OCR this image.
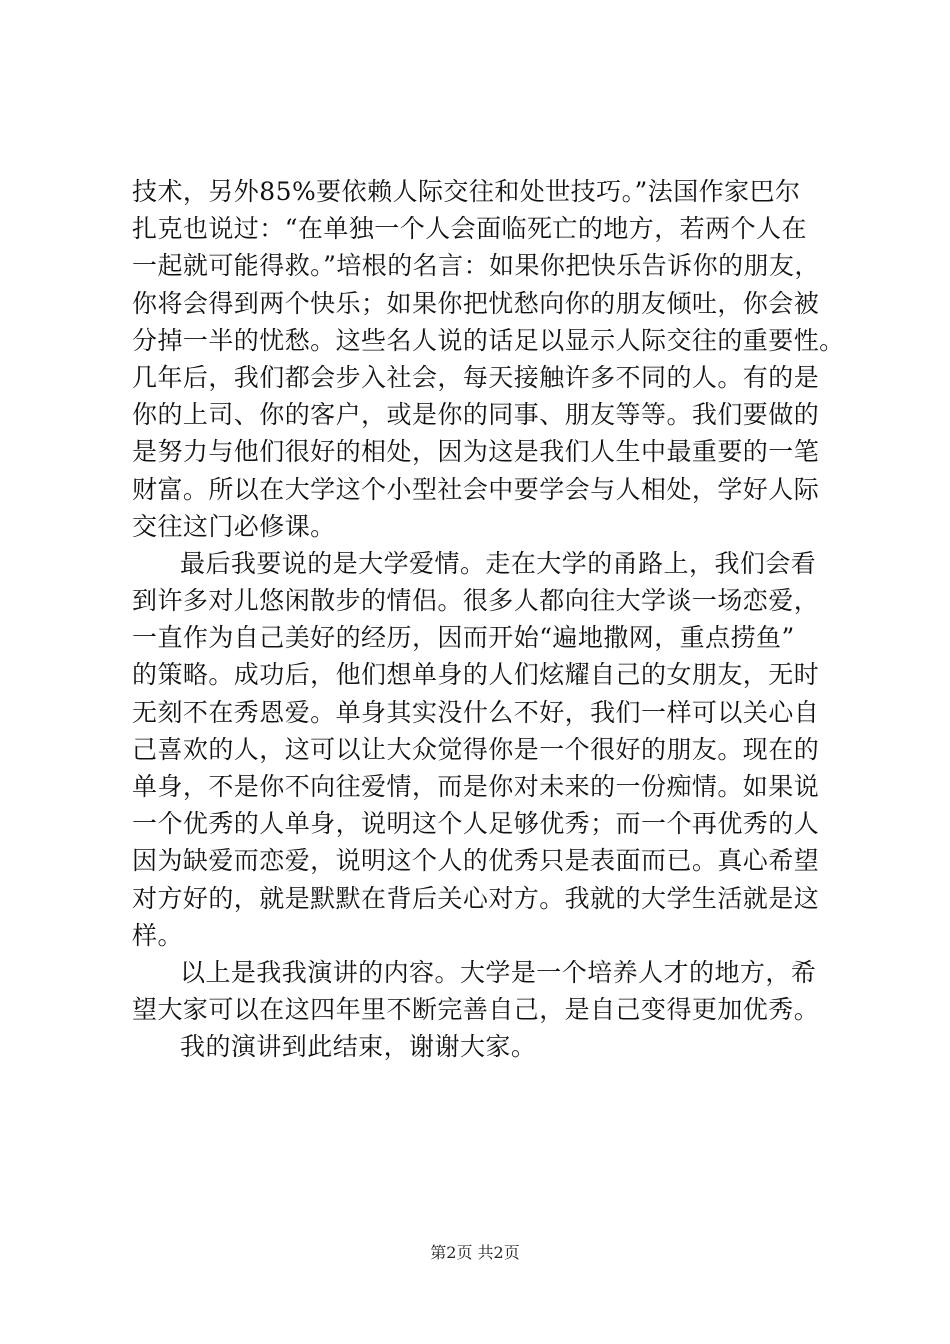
技术，另外85%要依赖人际交往和处世技巧。”法国作家巴尔
扎克也说过：“在单独一个人会面临死亡的地方，若两个人在
一起就可能得救。”培根的名言：如果你把快乐告诉你的朋友，
你将会得到两个快乐；如果你把忧愁向你的朋友倾吐，你会被
分掉一半的忧愁。这些名人说的话足以显示人际交往的重要性。
几年后，我们都会步入社会，每天接触许多不同的人。有的是
你的上司、你的客户，或是你的同事、朋友等等。我们要做的
是努力与他们很好的相处，因为这是我们人生中最重要的一笔
财富。所以在大学这个小型社会中要学会与人相处，学好人际
交往这门必修课。
最后我要说的是大学爱情。走在大学的甬路上，我们会看
到许多对儿悠闲散步的情侣。很多人都向往大学谈一场恋爱，
一直作为自己美好的经历，因而开始“遍地撒网，重点捞鱼”
的策略。成功后，他们想单身的人们炫耀自己的女朋友，无时
无刻不在秀恩爱。单身其实没什么不好，我们一样可以关心自
己喜欢的人，这可以让大众觉得你是一个很好的朋友。现在的
单身，不是你不向往爱情，而是你对未来的一份痴情。如果说
一个优秀的人单身，说明这个人足够优秀；而一个再优秀的人
因为缺爱而恋爱，说明这个人的优秀只是表面而已。真心希望
对方好的，就是默默在背后关心对方。我就的大学生活就是这
样。
以上是我我演讲的内容。大学是一个培养人才的地方，希
望大家可以在这四年里不断完善自己，是自己变得更加优秀。
我的演讲到此结束，谢谢大家。
第2页 共2页
